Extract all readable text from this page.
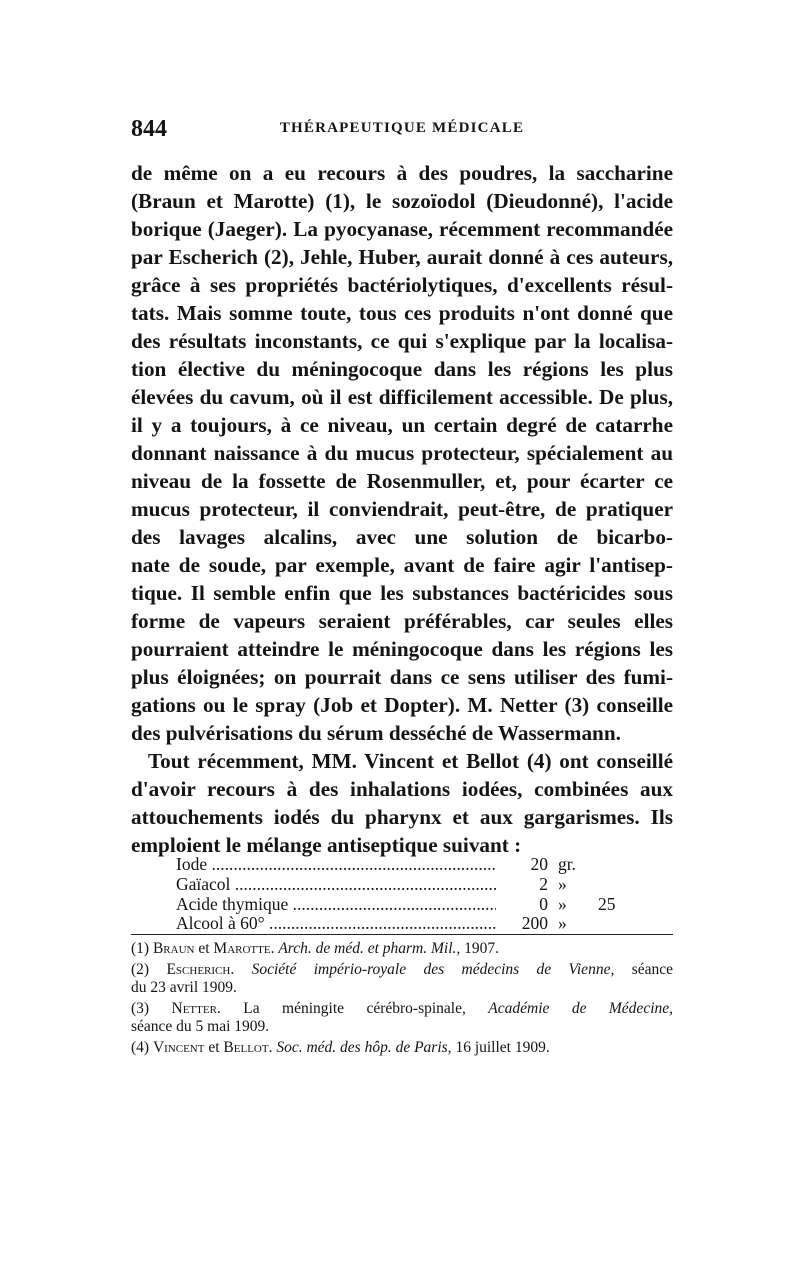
844	THÉRAPEUTIQUE MÉDICALE
de même on a eu recours à des poudres, la saccharine
(Braun et Marotte) (1), le sozoïodol (Dieudonné), l'acide
borique (Jaeger). La pyocyanase, récemment recommandée
par Escherich (2), Jehle, Huber, aurait donné à ces auteurs,
grâce à ses propriétés bactériolytiques, d'excellents résul-
tats. Mais somme toute, tous ces produits n'ont donné que
des résultats inconstants, ce qui s'explique par la localisa-
tion élective du méningocoque dans les régions les plus
élevées du cavum, où il est difficilement accessible. De plus,
il y a toujours, à ce niveau, un certain degré de catarrhe
donnant naissance à du mucus protecteur, spécialement au
niveau de la fossette de Rosenmuller, et, pour écarter ce
mucus protecteur, il conviendrait, peut-être, de pratiquer
des lavages alcalins, avec une solution de bicarbo-
nate de soude, par exemple, avant de faire agir l'antisep-
tique. Il semble enfin que les substances bactéricides sous
forme de vapeurs seraient préférables, car seules elles
pourraient atteindre le méningocoque dans les régions les
plus éloignées; on pourrait dans ce sens utiliser des fumi-
gations ou le spray (Job et Dopter). M. Netter (3) conseille
des pulvérisations du sérum desséché de Wassermann.
Tout récemment, MM. Vincent et Bellot (4) ont conseillé
d'avoir recours à des inhalations iodées, combinées aux
attouchements iodés du pharynx et aux gargarismes. Ils
emploient le mélange antiseptique suivant :
Iode .....	20 gr.
Gaïacol .....	2 »
Acide thymique .....	0 » 25
Alcool à 60° .....	200 »
(1) Braun et Marotte. Arch. de méd. et pharm. Mil., 1907.
(2) Escherich. Société império-royale des médecins de Vienne, séance
du 23 avril 1909.
(3) Netter. La méningite cérébro-spinale, Académie de Médecine,
séance du 5 mai 1909.
(4) Vincent et Bellot. Soc. méd. des hôp. de Paris, 16 juillet 1909.
